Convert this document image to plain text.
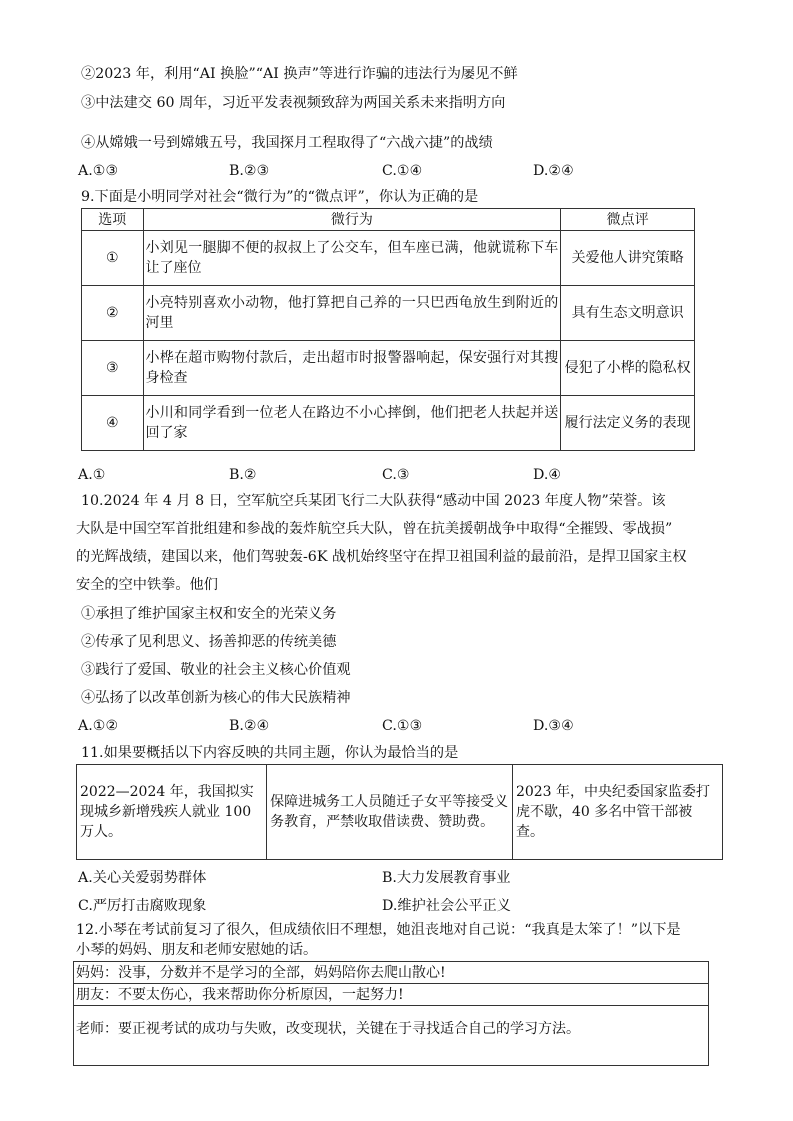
②2023 年，利用“AI 换脸”“AI 换声”等进行诈骗的违法行为屡见不鲜
③中法建交 60 周年，习近平发表视频致辞为两国关系未来指明方向
④从嫦娥一号到嫦娥五号，我国探月工程取得了“六战六捷”的战绩
A.①③	B.②③	C.①④	D.②④
9.下面是小明同学对社会“微行为”的“微点评”，你认为正确的是
选项	微行为	微点评
①	小刘见一腿脚不便的叔叔上了公交车，但车座已满，他就谎称下车让了座位	关爱他人讲究策略
②	小亮特别喜欢小动物，他打算把自己养的一只巴西龟放生到附近的河里	具有生态文明意识
③	小桦在超市购物付款后，走出超市时报警器响起，保安强行对其搜身检查	侵犯了小桦的隐私权
④	小川和同学看到一位老人在路边不小心摔倒，他们把老人扶起并送回了家	履行法定义务的表现
A.①	B.②	C.③	D.④
10.2024 年 4 月 8 日，空军航空兵某团飞行二大队获得“感动中国 2023 年度人物”荣誉。该
大队是中国空军首批组建和参战的轰炸航空兵大队，曾在抗美援朝战争中取得“全摧毁、零战损”
的光辉战绩，建国以来，他们驾驶轰-6K 战机始终坚守在捍卫祖国利益的最前沿，是捍卫国家主权
安全的空中铁拳。他们
①承担了维护国家主权和安全的光荣义务
②传承了见利思义、扬善抑恶的传统美德
③践行了爱国、敬业的社会主义核心价值观
④弘扬了以改革创新为核心的伟大民族精神
A.①②	B.②④	C.①③	D.③④
11.如果要概括以下内容反映的共同主题，你认为最恰当的是
2022—2024 年，我国拟实现城乡新增残疾人就业 100 万人。	保障进城务工人员随迁子女平等接受义务教育，严禁收取借读费、赞助费。	2023 年，中央纪委国家监委打虎不歇，40 多名中管干部被查。
A.关心关爱弱势群体	B.大力发展教育事业
C.严厉打击腐败现象	D.维护社会公平正义
12.小琴在考试前复习了很久，但成绩依旧不理想，她沮丧地对自己说：“我真是太笨了！”以下是
小琴的妈妈、朋友和老师安慰她的话。
妈妈：没事，分数并不是学习的全部，妈妈陪你去爬山散心!
朋友：不要太伤心，我来帮助你分析原因，一起努力!
老师：要正视考试的成功与失败，改变现状，关键在于寻找适合自己的学习方法。
